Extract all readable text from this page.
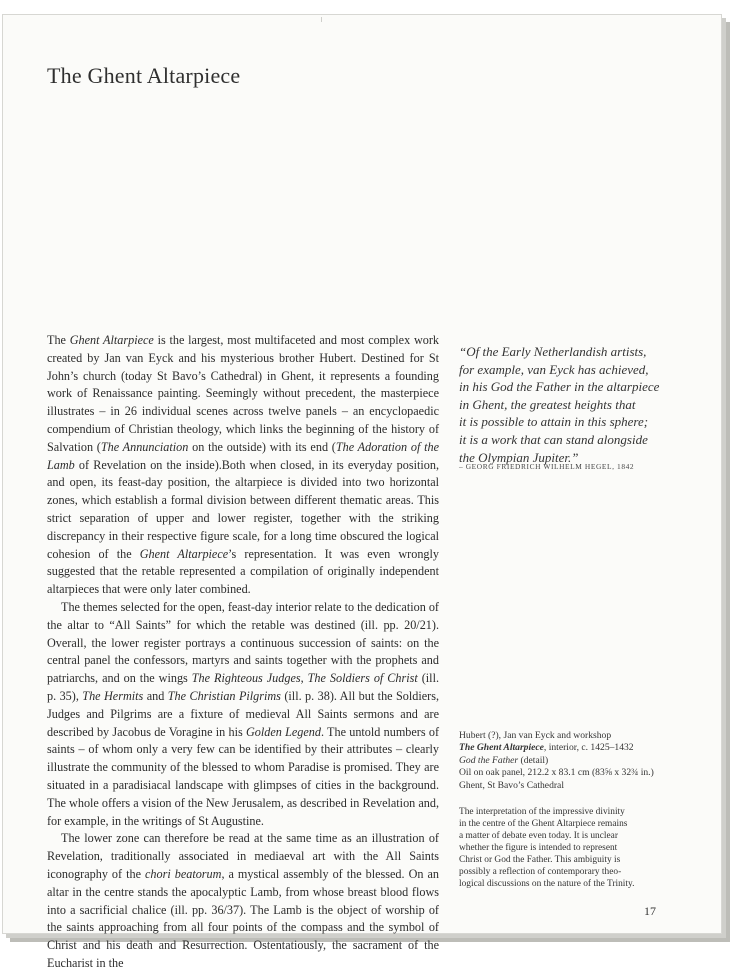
The Ghent Altarpiece

The Ghent Altarpiece is the largest, most multifaceted and most complex work created by Jan van Eyck and his mysterious brother Hubert. Destined for St John’s church (today St Bavo’s Cathedral) in Ghent, it represents a founding work of Renaissance painting. Seemingly without precedent, the masterpiece illustrates – in 26 individual scenes across twelve panels – an encyclopaedic compendium of Christian theology, which links the beginning of the history of Salvation (The Annunciation on the outside) with its end (The Adoration of the Lamb of Revelation on the inside).Both when closed, in its everyday position, and open, its feast-day position, the altarpiece is divided into two horizontal zones, which establish a formal division between different thematic areas. This strict separation of upper and lower register, together with the striking discrepancy in their respective figure scale, for a long time obscured the logical cohesion of the Ghent Altarpiece’s representation. It was even wrongly suggested that the retable represented a compilation of originally independent altarpieces that were only later combined.

The themes selected for the open, feast-day interior relate to the dedication of the altar to “All Saints” for which the retable was destined (ill. pp. 20/21). Overall, the lower register portrays a continuous succession of saints: on the central panel the confessors, martyrs and saints together with the prophets and patriarchs, and on the wings The Righteous Judges, The Soldiers of Christ (ill. p. 35), The Hermits and The Christian Pilgrims (ill. p. 38). All but the Soldiers, Judges and Pilgrims are a fixture of medieval All Saints sermons and are described by Jacobus de Voragine in his Golden Legend. The untold numbers of saints – of whom only a very few can be identified by their attributes – clearly illustrate the community of the blessed to whom Paradise is promised. They are situated in a paradisiacal landscape with glimpses of cities in the background. The whole offers a vision of the New Jerusalem, as described in Revelation and, for example, in the writings of St Augustine.

The lower zone can therefore be read at the same time as an illustration of Revelation, traditionally associated in mediaeval art with the All Saints iconography of the chori beatorum, a mystical assembly of the blessed. On an altar in the centre stands the apocalyptic Lamb, from whose breast blood flows into a sacrificial chalice (ill. pp. 36/37). The Lamb is the object of worship of the saints approaching from all four points of the compass and the symbol of Christ and his death and Resurrection. Ostentatiously, the sacrament of the Eucharist in the

“Of the Early Netherlandish artists,
for example, van Eyck has achieved,
in his God the Father in the altarpiece
in Ghent, the greatest heights that
it is possible to attain in this sphere;
it is a work that can stand alongside
the Olympian Jupiter.”
– GEORG FRIEDRICH WILHELM HEGEL, 1842
Hubert (?), Jan van Eyck and workshop
The Ghent Altarpiece, interior, c. 1425–1432
God the Father (detail)
Oil on oak panel, 212.2 x 83.1 cm (83⅝ x 32¾ in.)
Ghent, St Bavo’s Cathedral
The interpretation of the impressive divinity
in the centre of the Ghent Altarpiece remains
a matter of debate even today. It is unclear
whether the figure is intended to represent
Christ or God the Father. This ambiguity is
possibly a reflection of contemporary theo-
logical discussions on the nature of the Trinity.
17
